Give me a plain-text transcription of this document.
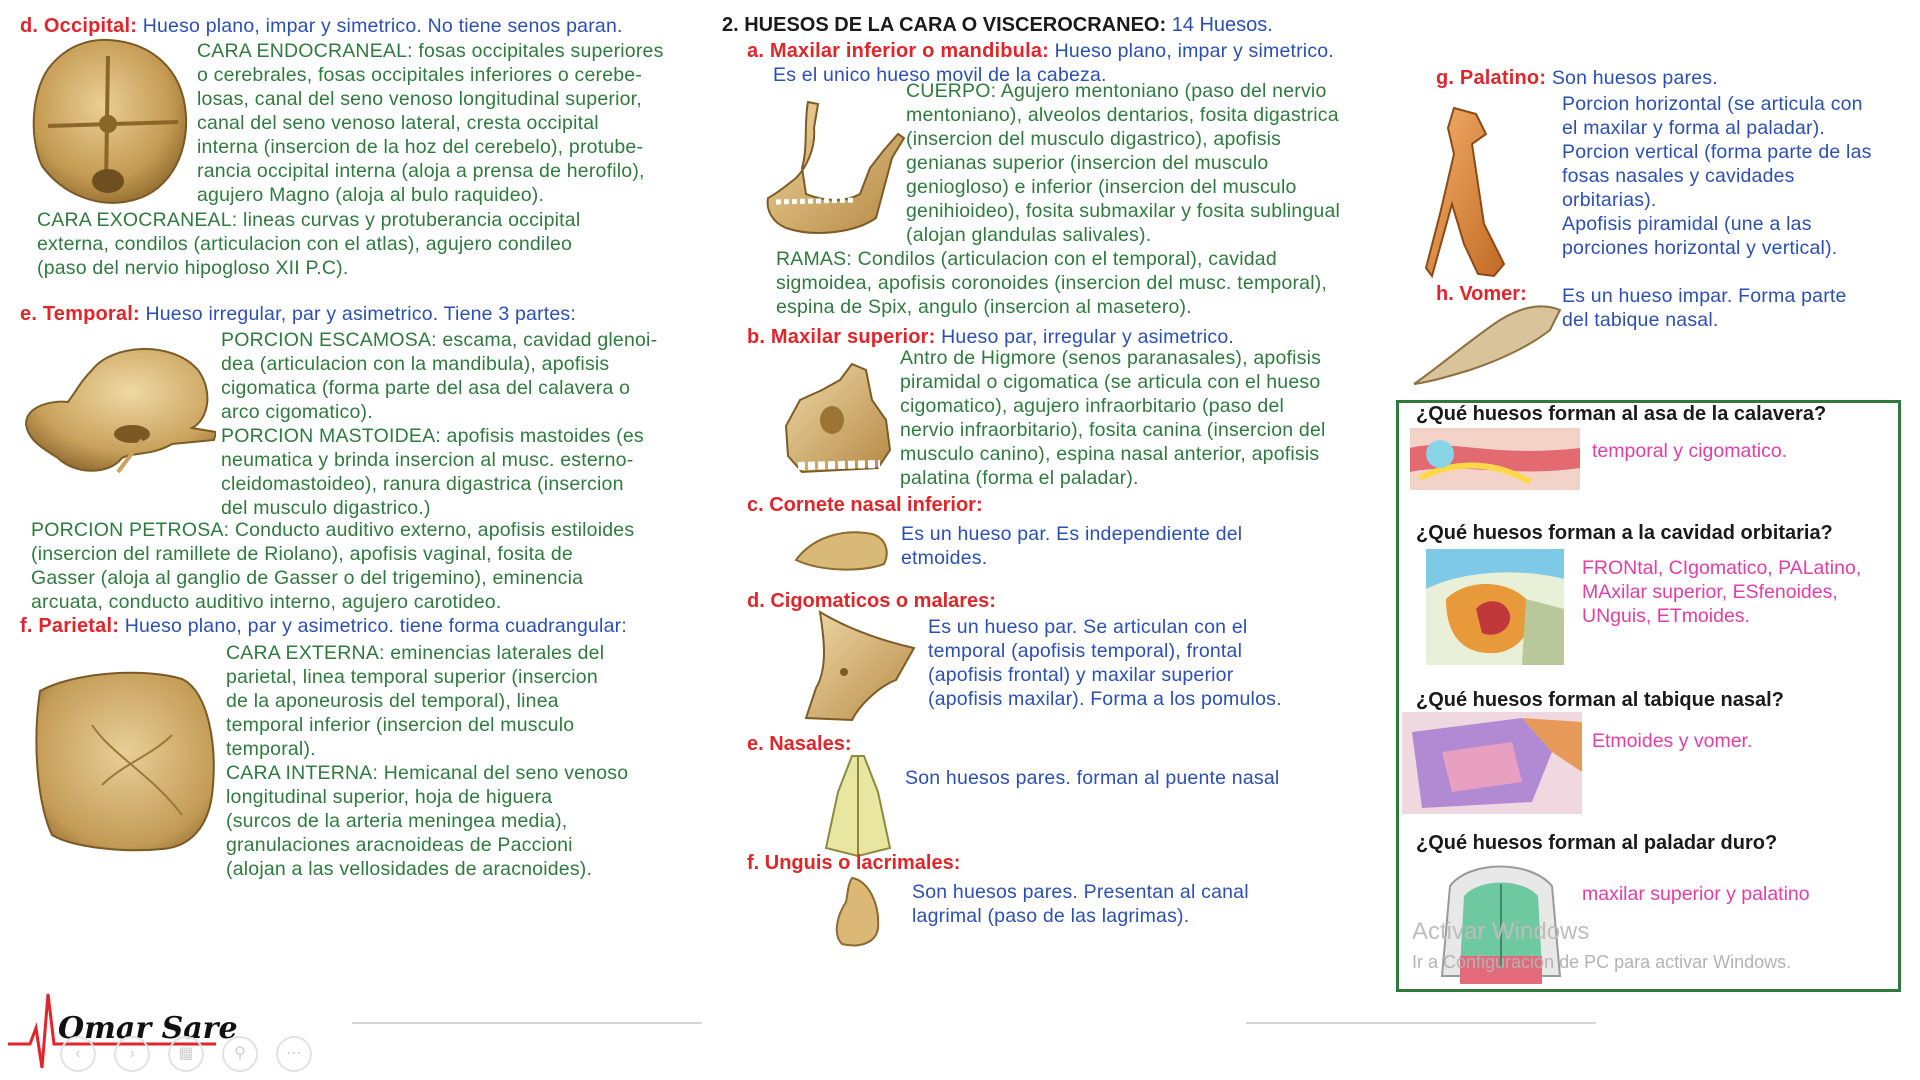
d. Occipital: Hueso plano, impar y simetrico. No tiene senos paran.
CARA ENDOCRANEAL: fosas occipitales superiores
o cerebrales, fosas occipitales inferiores o cerebe-
losas, canal del seno venoso longitudinal superior,
canal del seno venoso lateral, cresta occipital
interna (insercion de la hoz del cerebelo), protube-
rancia occipital interna (aloja a prensa de herofilo),
agujero Magno (aloja al bulo raquideo).
CARA EXOCRANEAL: lineas curvas y protuberancia occipital
externa, condilos (articulacion con el atlas), agujero condileo
(paso del nervio hipogloso XII P.C).
e. Temporal: Hueso irregular, par y asimetrico. Tiene 3 partes:
PORCION ESCAMOSA: escama, cavidad glenoi-
dea (articulacion con la mandibula), apofisis
cigomatica (forma parte del asa del calavera o
arco cigomatico).
PORCION MASTOIDEA: apofisis mastoides (es
neumatica y brinda insercion al musc. esterno-
cleidomastoideo), ranura digastrica (insercion
del musculo digastrico.)
PORCION PETROSA: Conducto auditivo externo, apofisis estiloides
(insercion del ramillete de Riolano), apofisis vaginal, fosita de
Gasser (aloja al ganglio de Gasser o del trigemino), eminencia
arcuata, conducto auditivo interno, agujero carotideo.
f. Parietal: Hueso plano, par y asimetrico. tiene forma cuadrangular:
CARA EXTERNA: eminencias laterales del
parietal, linea temporal superior (insercion
de la aponeurosis del temporal), linea
temporal inferior (insercion del musculo
temporal).
CARA INTERNA: Hemicanal del seno venoso
longitudinal superior, hoja de higuera
(surcos de la arteria meningea media),
granulaciones aracnoideas de Paccioni
(alojan a las vellosidades de aracnoides).
2. HUESOS DE LA CARA O VISCEROCRANEO: 14 Huesos.
a. Maxilar inferior o mandibula: Hueso plano, impar y simetrico.
Es el unico hueso movil de la cabeza.
CUERPO: Agujero mentoniano (paso del nervio
mentoniano), alveolos dentarios, fosita digastrica
(insercion del musculo digastrico), apofisis
genianas superior (insercion del musculo
geniogloso) e inferior (insercion del musculo
genihioideo), fosita submaxilar y fosita sublingual
(alojan glandulas salivales).
RAMAS: Condilos (articulacion con el temporal), cavidad
sigmoidea, apofisis coronoides (insercion del musc. temporal),
espina de Spix, angulo (insercion al masetero).
b. Maxilar superior: Hueso par, irregular y asimetrico.
Antro de Higmore (senos paranasales), apofisis
piramidal o cigomatica (se articula con el hueso
cigomatico), agujero infraorbitario (paso del
nervio infraorbitario), fosita canina (insercion del
musculo canino), espina nasal anterior, apofisis
palatina (forma el paladar).
c. Cornete nasal inferior:
Es un hueso par. Es independiente del
etmoides.
d. Cigomaticos o malares:
Es un hueso par. Se articulan con el
temporal (apofisis temporal), frontal
(apofisis frontal) y maxilar superior
(apofisis maxilar). Forma a los pomulos.
e. Nasales:
Son huesos pares. forman al puente nasal
f. Unguis o lacrimales:
Son huesos pares. Presentan al canal
lagrimal (paso de las lagrimas).
g. Palatino: Son huesos pares.
Porcion horizontal (se articula con
el maxilar y forma al paladar).
Porcion vertical (forma parte de las
fosas nasales y cavidades
orbitarias).
Apofisis piramidal (une a las
porciones horizontal y vertical).
h. Vomer: Es un hueso impar. Forma parte
del tabique nasal.
¿Qué huesos forman al asa de la calavera?
temporal y cigomatico.
¿Qué huesos forman a la cavidad orbitaria?
FRONtal, CIgomatico, PALatino,
MAxilar superior, ESfenoides,
UNguis, ETmoides.
¿Qué huesos forman al tabique nasal?
Etmoides y vomer.
¿Qué huesos forman al paladar duro?
maxilar superior y palatino
Activar Windows
Ir a Configuración de PC para activar Windows.
Omar Sare
‹	›	▦	⚲	⋯
